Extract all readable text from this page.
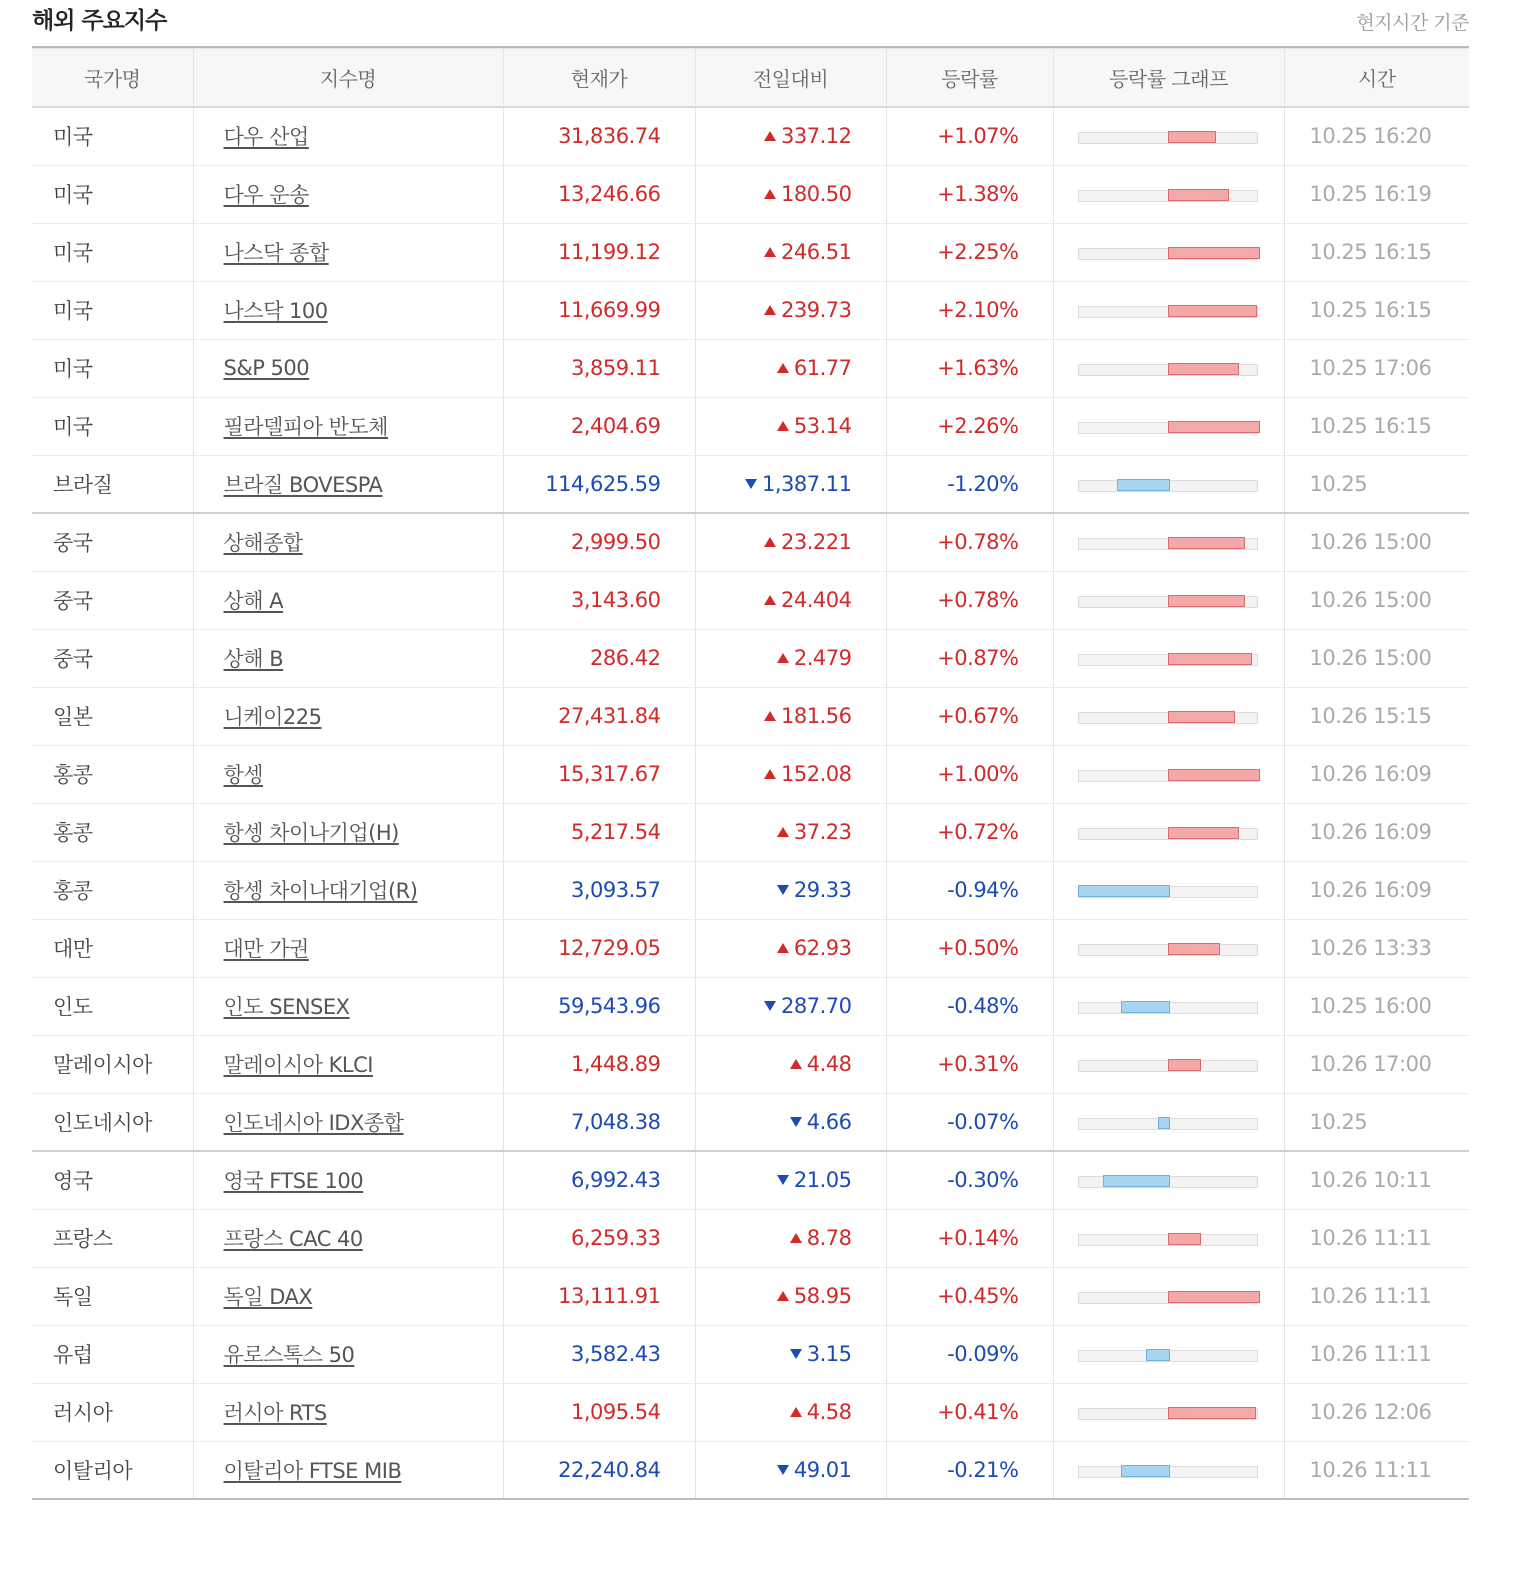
해외 주요지수	현지시간 기준
국가명	지수명	현재가	전일대비	등락률	등락률 그래프	시간
미국	다우 산업	31,836.74	337.12	+1.07%		10.25 16:20
미국	다우 운송	13,246.66	180.50	+1.38%		10.25 16:19
미국	나스닥 종합	11,199.12	246.51	+2.25%		10.25 16:15
미국	나스닥 100	11,669.99	239.73	+2.10%		10.25 16:15
미국	S&P 500	3,859.11	61.77	+1.63%		10.25 17:06
미국	필라델피아 반도체	2,404.69	53.14	+2.26%		10.25 16:15
브라질	브라질 BOVESPA	114,625.59	1,387.11	-1.20%		10.25
중국	상해종합	2,999.50	23.221	+0.78%		10.26 15:00
중국	상해 A	3,143.60	24.404	+0.78%		10.26 15:00
중국	상해 B	286.42	2.479	+0.87%		10.26 15:00
일본	니케이225	27,431.84	181.56	+0.67%		10.26 15:15
홍콩	항셍	15,317.67	152.08	+1.00%		10.26 16:09
홍콩	항셍 차이나기업(H)	5,217.54	37.23	+0.72%		10.26 16:09
홍콩	항셍 차이나대기업(R)	3,093.57	29.33	-0.94%		10.26 16:09
대만	대만 가권	12,729.05	62.93	+0.50%		10.26 13:33
인도	인도 SENSEX	59,543.96	287.70	-0.48%		10.25 16:00
말레이시아	말레이시아 KLCI	1,448.89	4.48	+0.31%		10.26 17:00
인도네시아	인도네시아 IDX종합	7,048.38	4.66	-0.07%		10.25
영국	영국 FTSE 100	6,992.43	21.05	-0.30%		10.26 10:11
프랑스	프랑스 CAC 40	6,259.33	8.78	+0.14%		10.26 11:11
독일	독일 DAX	13,111.91	58.95	+0.45%		10.26 11:11
유럽	유로스톡스 50	3,582.43	3.15	-0.09%		10.26 11:11
러시아	러시아 RTS	1,095.54	4.58	+0.41%		10.26 12:06
이탈리아	이탈리아 FTSE MIB	22,240.84	49.01	-0.21%		10.26 11:11
